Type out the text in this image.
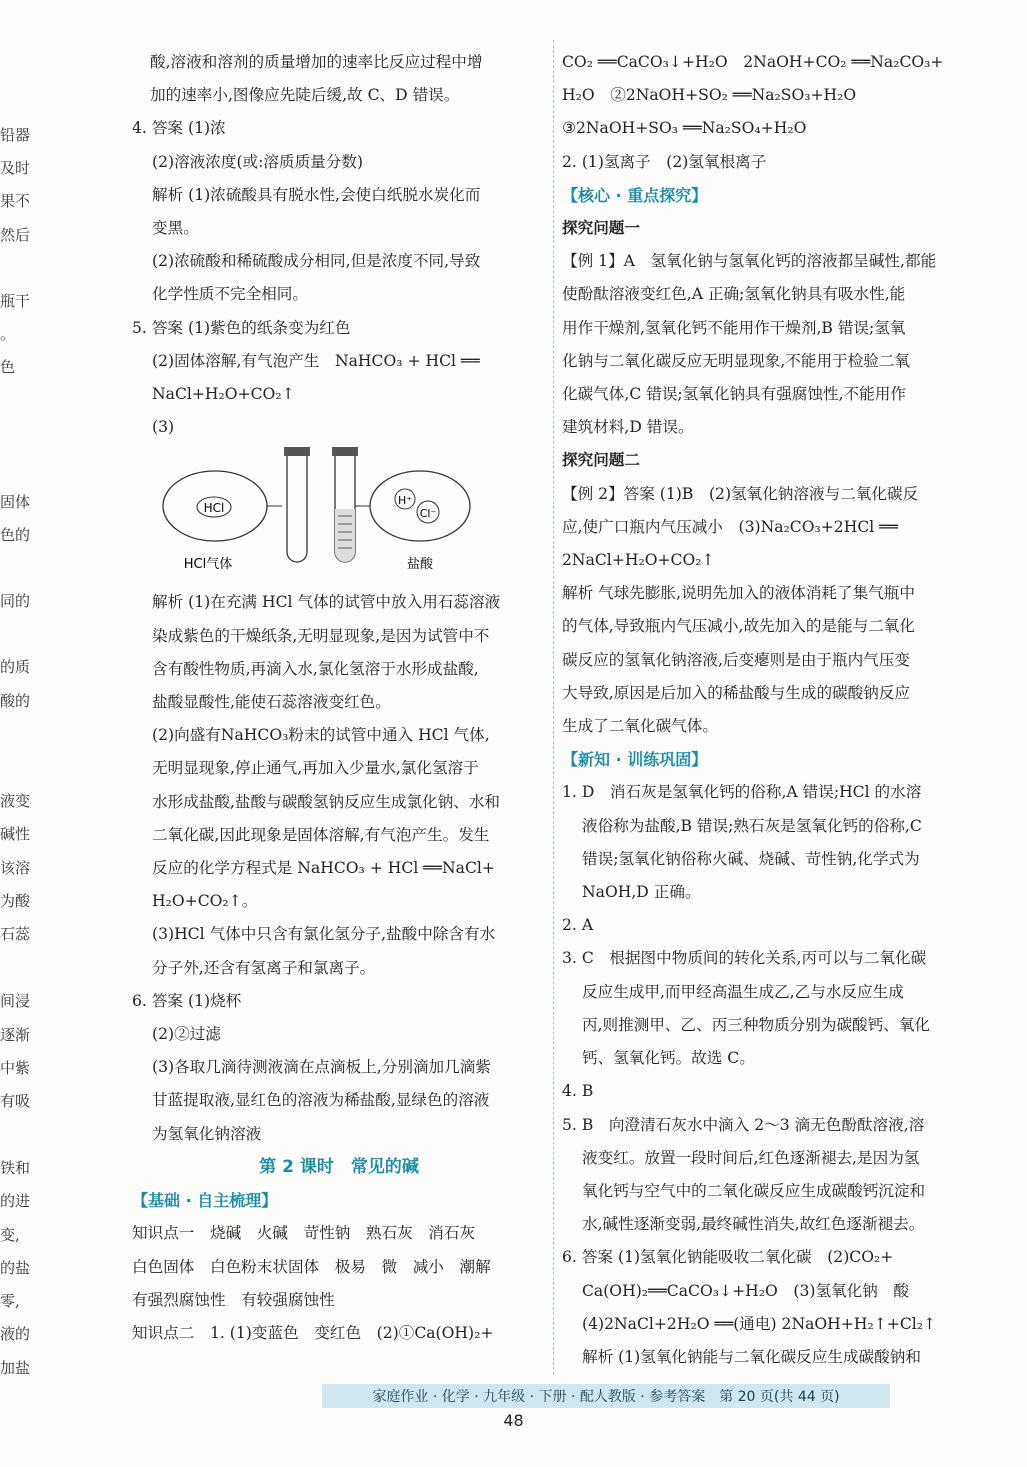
铅器
及时
果不
然后
瓶干
。
色
固体
色的
同的
的质
酸的
液变
碱性
该溶
为酸
石蕊
间浸
逐渐
中紫
有吸
铁和
的进
变,
的盐
零,
液的
加盐
酸,溶液和溶剂的质量增加的速率比反应过程中增
加的速率小,图像应先陡后缓,故 C、D 错误。
4. 答案 (1)浓
(2)溶液浓度(或:溶质质量分数)
解析 (1)浓硫酸具有脱水性,会使白纸脱水炭化而
变黑。
(2)浓硫酸和稀硫酸成分相同,但是浓度不同,导致
化学性质不完全相同。
5. 答案 (1)紫色的纸条变为红色
(2)固体溶解,有气泡产生　NaHCO₃ + HCl ══
NaCl+H₂O+CO₂↑
(3)
HCl
H⁺
Cl⁻
HCl气体	盐酸
解析 (1)在充满 HCl 气体的试管中放入用石蕊溶液
染成紫色的干燥纸条,无明显现象,是因为试管中不
含有酸性物质,再滴入水,氯化氢溶于水形成盐酸,
盐酸显酸性,能使石蕊溶液变红色。
(2)向盛有NaHCO₃粉末的试管中通入 HCl 气体,
无明显现象,停止通气,再加入少量水,氯化氢溶于
水形成盐酸,盐酸与碳酸氢钠反应生成氯化钠、水和
二氧化碳,因此现象是固体溶解,有气泡产生。发生
反应的化学方程式是 NaHCO₃ + HCl ══NaCl+
H₂O+CO₂↑。
(3)HCl 气体中只含有氯化氢分子,盐酸中除含有水
分子外,还含有氢离子和氯离子。
6. 答案 (1)烧杯
(2)②过滤
(3)各取几滴待测液滴在点滴板上,分别滴加几滴紫
甘蓝提取液,显红色的溶液为稀盐酸,显绿色的溶液
为氢氧化钠溶液
第 2 课时　常见的碱
【基础 · 自主梳理】
知识点一　烧碱　火碱　苛性钠　熟石灰　消石灰
白色固体　白色粉末状固体　极易　微　减小　潮解
有强烈腐蚀性　有较强腐蚀性
知识点二　1. (1)变蓝色　变红色　(2)①Ca(OH)₂+
CO₂ ══CaCO₃↓+H₂O　2NaOH+CO₂ ══Na₂CO₃+
H₂O　②2NaOH+SO₂ ══Na₂SO₃+H₂O
③2NaOH+SO₃ ══Na₂SO₄+H₂O
2. (1)氢离子　(2)氢氧根离子
【核心 · 重点探究】
探究问题一
【例 1】A　氢氧化钠与氢氧化钙的溶液都呈碱性,都能
使酚酞溶液变红色,A 正确;氢氧化钠具有吸水性,能
用作干燥剂,氢氧化钙不能用作干燥剂,B 错误;氢氧
化钠与二氧化碳反应无明显现象,不能用于检验二氧
化碳气体,C 错误;氢氧化钠具有强腐蚀性,不能用作
建筑材料,D 错误。
探究问题二
【例 2】答案 (1)B　(2)氢氧化钠溶液与二氧化碳反
应,使广口瓶内气压减小　(3)Na₂CO₃+2HCl ══
2NaCl+H₂O+CO₂↑
解析 气球先膨胀,说明先加入的液体消耗了集气瓶中
的气体,导致瓶内气压减小,故先加入的是能与二氧化
碳反应的氢氧化钠溶液,后变瘪则是由于瓶内气压变
大导致,原因是后加入的稀盐酸与生成的碳酸钠反应
生成了二氧化碳气体。
【新知 · 训练巩固】
1. D　消石灰是氢氧化钙的俗称,A 错误;HCl 的水溶
液俗称为盐酸,B 错误;熟石灰是氢氧化钙的俗称,C
错误;氢氧化钠俗称火碱、烧碱、苛性钠,化学式为
NaOH,D 正确。
2. A
3. C　根据图中物质间的转化关系,丙可以与二氧化碳
反应生成甲,而甲经高温生成乙,乙与水反应生成
丙,则推测甲、乙、丙三种物质分别为碳酸钙、氧化
钙、氢氧化钙。故选 C。
4. B
5. B　向澄清石灰水中滴入 2～3 滴无色酚酞溶液,溶
液变红。放置一段时间后,红色逐渐褪去,是因为氢
氧化钙与空气中的二氧化碳反应生成碳酸钙沉淀和
水,碱性逐渐变弱,最终碱性消失,故红色逐渐褪去。
6. 答案 (1)氢氧化钠能吸收二氧化碳　(2)CO₂+
Ca(OH)₂══CaCO₃↓+H₂O　(3)氢氧化钠　酸
(4)2NaCl+2H₂O ══(通电) 2NaOH+H₂↑+Cl₂↑
解析 (1)氢氧化钠能与二氧化碳反应生成碳酸钠和
家庭作业 · 化学 · 九年级 · 下册 · 配人教版 · 参考答案　第 20 页(共 44 页)
48
